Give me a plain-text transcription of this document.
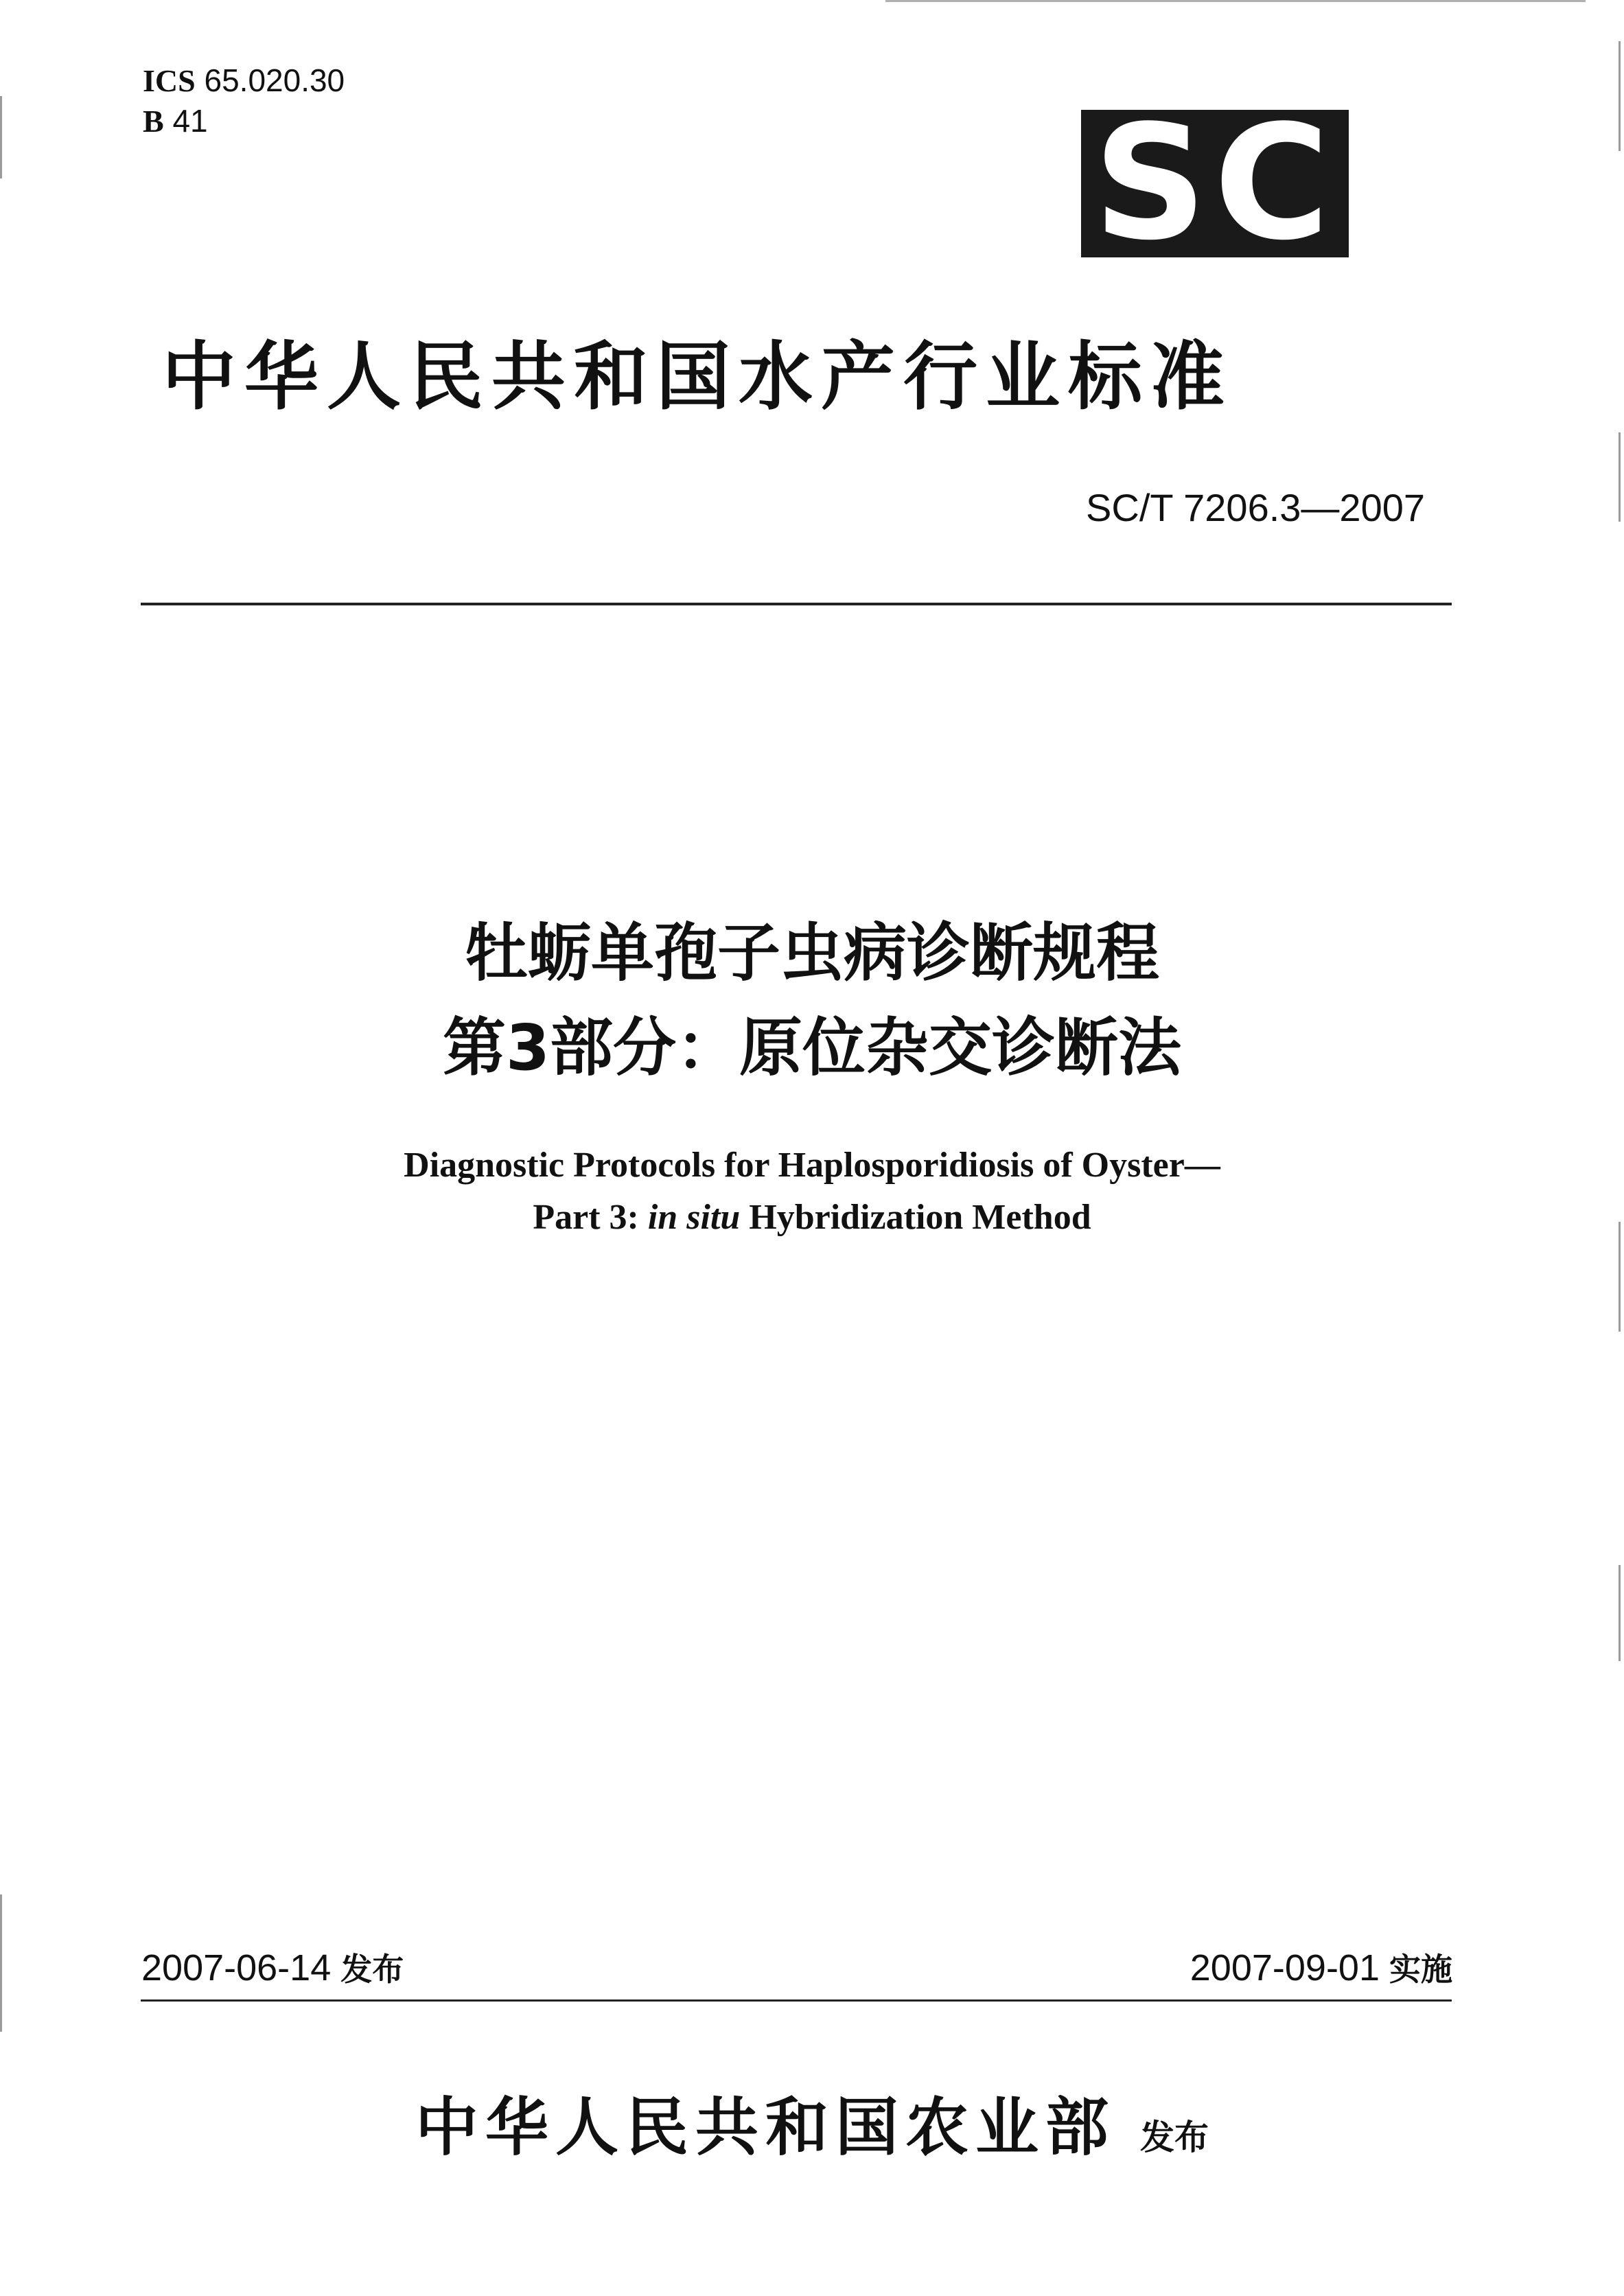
ICS 65.020.30
B 41	SC
中华人民共和国水产行业标准
SC/T 7206.3—2007
牡蛎单孢子虫病诊断规程
第3部分：原位杂交诊断法
Diagnostic Protocols for Haplosporidiosis of Oyster—
Part 3: in situ Hybridization Method
2007-06-14 发布	2007-09-01 实施
中华人民共和国农业部 发布
